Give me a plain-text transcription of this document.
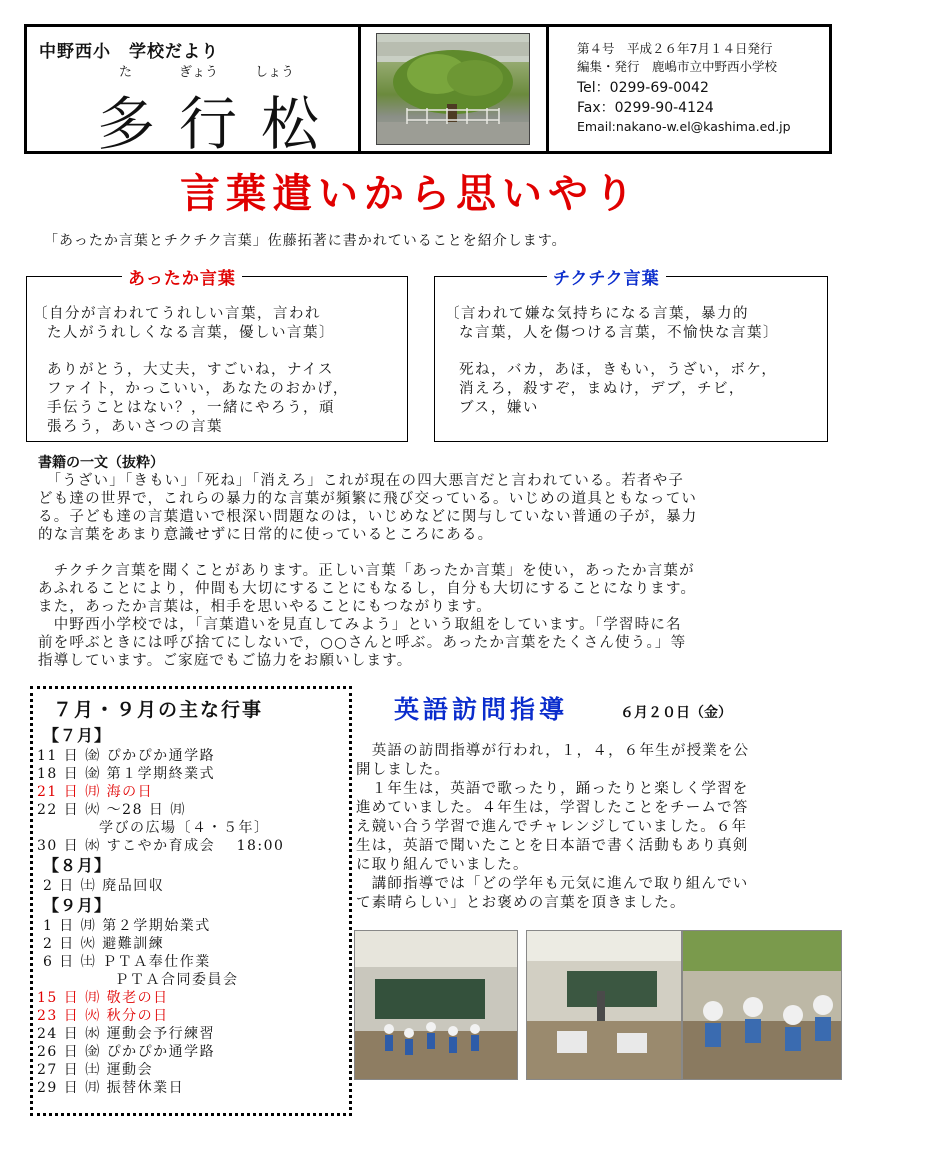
中野西小　学校だより
た	ぎょう	しょう
多行松
第４号　平成２６年7月１４日発行
編集・発行　鹿嶋市立中野西小学校
Tel：0299-69-0042
Fax：0299-90-4124
Email:nakano-w.el@kashima.ed.jp
言葉遣いから思いやり
「あったか言葉とチクチク言葉」佐藤拓著に書かれていることを紹介します。
あったか言葉
〔自分が言われてうれしい言葉，言われ
た人がうれしくなる言葉，優しい言葉〕
ありがとう，大丈夫，すごいね，ナイス
ファイト，かっこいい，あなたのおかげ，
手伝うことはない？，一緒にやろう，頑
張ろう，あいさつの言葉
チクチク言葉
〔言われて嫌な気持ちになる言葉，暴力的
な言葉，人を傷つける言葉，不愉快な言葉〕
死ね，バカ，あほ，きもい，うざい，ボケ，
消えろ，殺すぞ，まぬけ，デブ，チビ，
ブス，嫌い
書籍の一文（抜粋）
　「うざい」「きもい」「死ね」「消えろ」これが現在の四大悪言だと言われている。若者や子
ども達の世界で，これらの暴力的な言葉が頻繁に飛び交っている。いじめの道具ともなってい
る。子ども達の言葉遣いで根深い問題なのは，いじめなどに関与していない普通の子が，暴力
的な言葉をあまり意識せずに日常的に使っているところにある。
　チクチク言葉を聞くことがあります。正しい言葉「あったか言葉」を使い，あったか言葉が
あふれることにより，仲間も大切にすることにもなるし，自分も大切にすることになります。
また，あったか言葉は，相手を思いやることにもつながります。
　中野西小学校では，「言葉遣いを見直してみよう」という取組をしています。「学習時に名
前を呼ぶときには呼び捨てにしないで，○○さんと呼ぶ。あったか言葉をたくさん使う。」等
指導しています。ご家庭でもご協力をお願いします。
７月・９月の主な行事
【７月】
11 日 ㈮ ぴかぴか通学路
18 日 ㈮ 第１学期終業式
21 日 ㈪ 海の日
22 日 ㈫ ～28 日 ㈪
　　　　学びの広場〔４・５年〕
30 日 ㈬ すこやか育成会　 18:00
【８月】
2 日 ㈯ 廃品回収
【９月】
1 日 ㈪ 第２学期始業式
2 日 ㈫ 避難訓練
6 日 ㈯ ＰＴＡ奉仕作業
　　　　　ＰＴＡ合同委員会
15 日 ㈪ 敬老の日
23 日 ㈫ 秋分の日
24 日 ㈬ 運動会予行練習
26 日 ㈮ ぴかぴか通学路
27 日 ㈯ 運動会
29 日 ㈪ 振替休業日
英語訪問指導	６月２０日（金）
　英語の訪問指導が行われ，１，４，６年生が授業を公
開しました。
　１年生は，英語で歌ったり，踊ったりと楽しく学習を
進めていました。４年生は，学習したことをチームで答
え競い合う学習で進んでチャレンジしていました。６年
生は，英語で聞いたことを日本語で書く活動もあり真剣
に取り組んでいました。
　講師指導では「どの学年も元気に進んで取り組んでい
て素晴らしい」とお褒めの言葉を頂きました。
